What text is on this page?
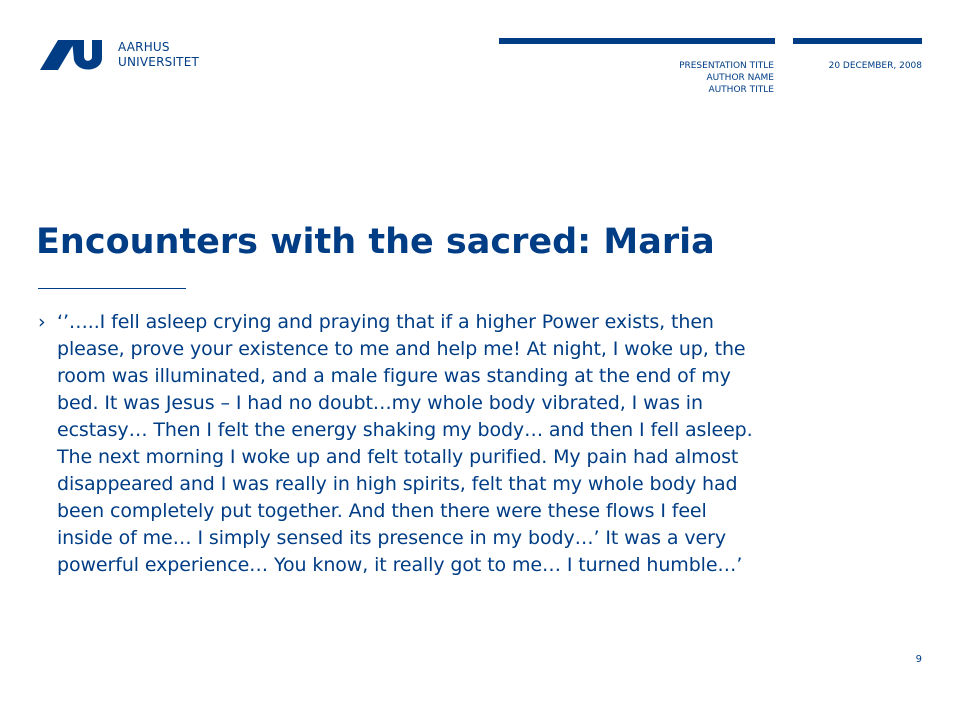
AARHUS
UNIVERSITET	PRESENTATION TITLE
AUTHOR NAME
AUTHOR TITLE
20 DECEMBER, 2008
Encounters with the sacred: Maria
› ‘’…..I fell asleep crying and praying that if a higher Power exists, then
please, prove your existence to me and help me! At night, I woke up, the
room was illuminated, and a male figure was standing at the end of my
bed. It was Jesus – I had no doubt…my whole body vibrated, I was in
ecstasy… Then I felt the energy shaking my body… and then I fell asleep.
The next morning I woke up and felt totally purified. My pain had almost
disappeared and I was really in high spirits, felt that my whole body had
been completely put together. And then there were these flows I feel
inside of me… I simply sensed its presence in my body…’ It was a very
powerful experience… You know, it really got to me… I turned humble…’
9
